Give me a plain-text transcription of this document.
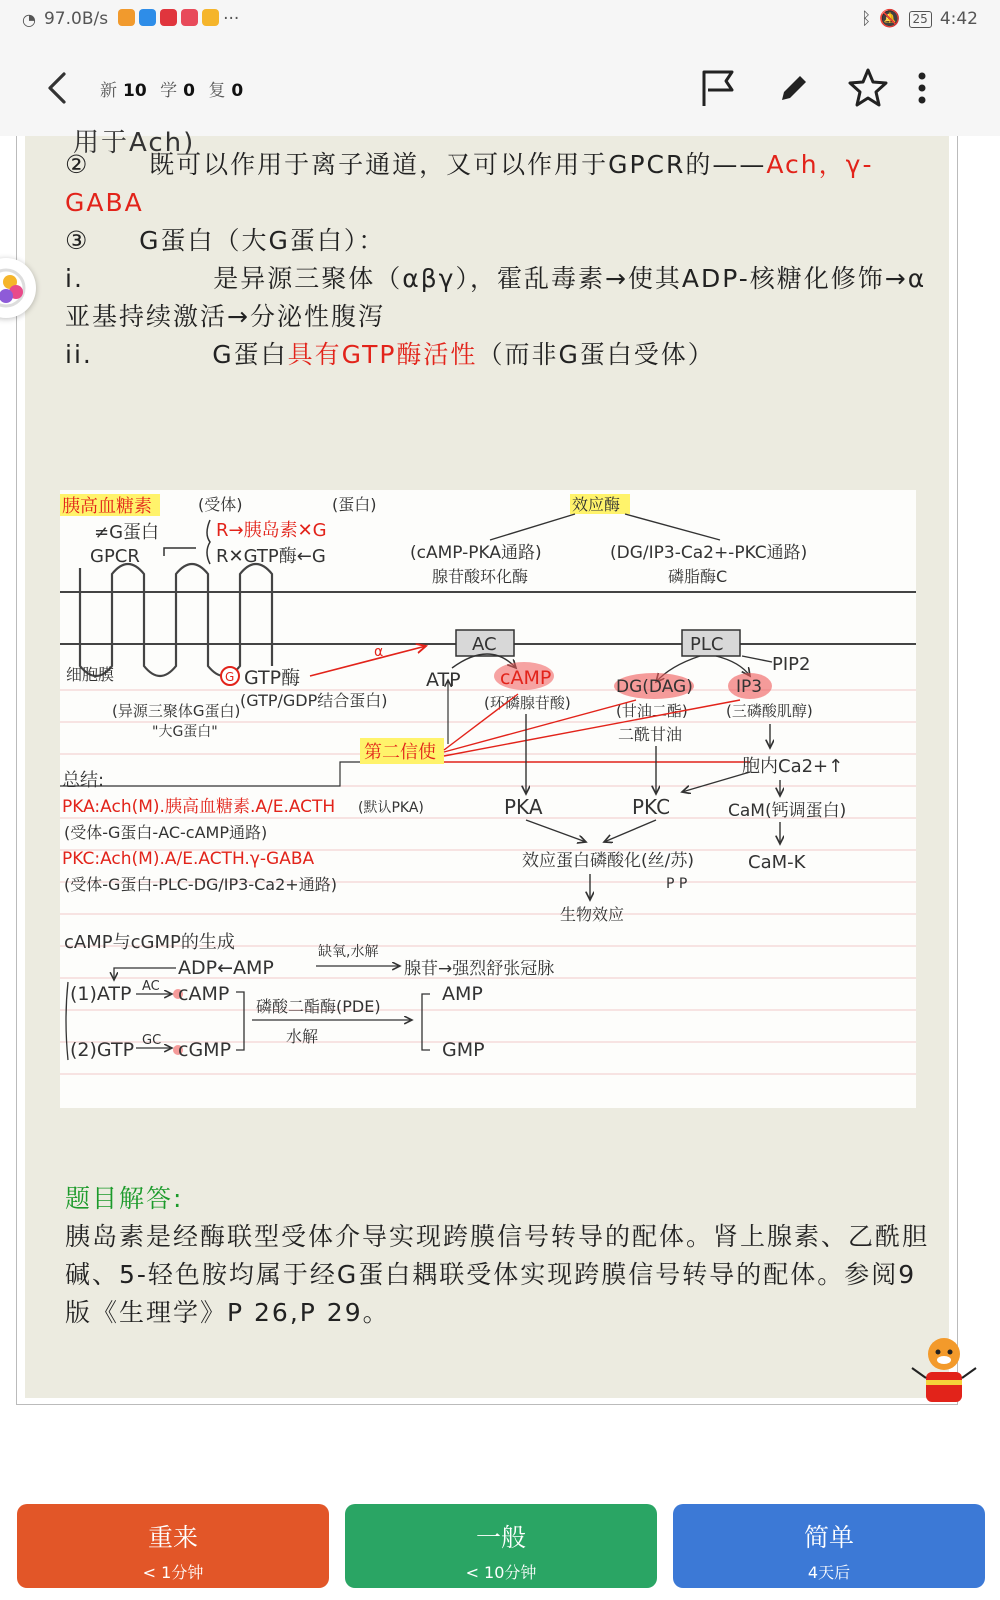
◔ 97.0B/s	···	ᛒ 🔕	25 4:42
新 10 学 0 复 0
用于Ach)
② 既可以作用于离子通道，又可以作用于GPCR的——Ach，γ-GABA
③ G蛋白（大G蛋白）：
i.	是异源三聚体（αβγ），霍乱毒素→使其ADP-核糖化修饰→α亚基持续激活→分泌性腹泻
ii.	G蛋白具有GTP酶活性（而非G蛋白受体）
题目解答:
胰岛素是经酶联型受体介导实现跨膜信号转导的配体。肾上腺素、乙酰胆碱、5-轻色胺均属于经G蛋白耦联受体实现跨膜信号转导的配体。参阅9版《生理学》P 26,P 29。
胰高血糖素	(受体)	(蛋白)
≠G蛋白
GPCR
R→胰岛素✕G
R✕GTP酶←G
效应酶
(cAMP-PKA通路)
腺苷酸环化酶
(DG/IP3-Ca2+-PKC通路)
磷脂酶C
AC	PLC
PIP2
细胞膜	G GTP酶
(GTP/GDP结合蛋白)
(异源三聚体G蛋白)
"大G蛋白"
α
ATP cAMP
(环磷腺苷酸)
DG(DAG)
(甘油二酯)
二酰甘油
IP3
(三磷酸肌醇)
第二信使
胞内Ca2+↑
总结:
PKA:Ach(M).胰高血糖素.A/E.ACTH (默认PKA)
(受体-G蛋白-AC-cAMP通路)
PKC:Ach(M).A/E.ACTH.γ-GABA
(受体-G蛋白-PLC-DG/IP3-Ca2+通路)
PKA	PKC	CaM(钙调蛋白)
效应蛋白磷酸化(丝/苏)
P P
CaM-K
生物效应
cAMP与cGMP的生成
ADP←AMP
缺氧,水解
腺苷→强烈舒张冠脉
(1)ATP AC cAMP
磷酸二酯酶(PDE)
水解
AMP
GMP
(2)GTP GC cGMP
重来
< 1分钟
一般
< 10分钟
简单
4天后
